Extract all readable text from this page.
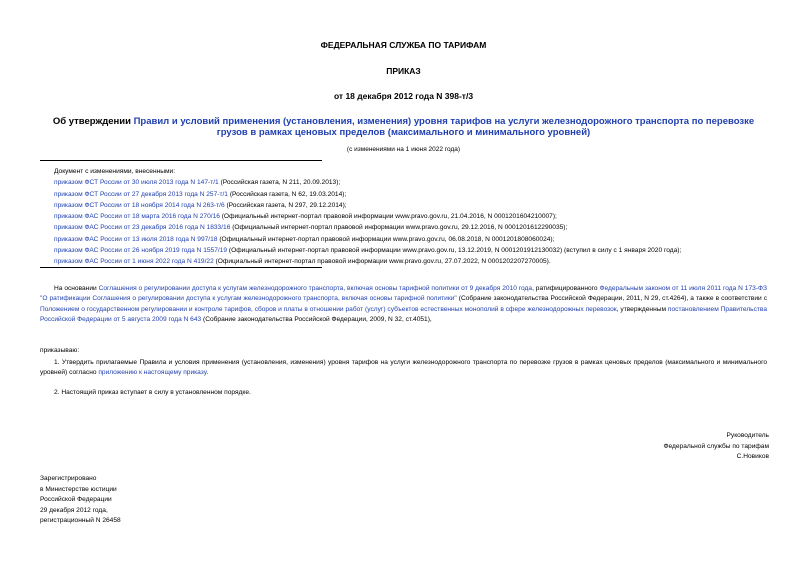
ФЕДЕРАЛЬНАЯ СЛУЖБА ПО ТАРИФАМ
ПРИКАЗ
от 18 декабря 2012 года N 398-т/3
Об утверждении Правил и условий применения (установления, изменения) уровня тарифов на услуги железнодорожного транспорта по перевозке грузов в рамках ценовых пределов (максимального и минимального уровней)
(с изменениями на 1 июня 2022 года)
Документ с изменениями, внесенными:
приказом ФСТ России от 30 июля 2013 года N 147-т/1 (Российская газета, N 211, 20.09.2013);
приказом ФСТ России от 27 декабря 2013 года N 257-т/1 (Российская газета, N 62, 19.03.2014);
приказом ФСТ России от 18 ноября 2014 года N 263-т/6 (Российская газета, N 297, 29.12.2014);
приказом ФАС России от 18 марта 2016 года N 270/16 (Официальный интернет-портал правовой информации www.pravo.gov.ru, 21.04.2016, N 0001201604210007);
приказом ФАС России от 23 декабря 2016 года N 1833/16 (Официальный интернет-портал правовой информации www.pravo.gov.ru, 29.12.2016, N 0001201612290035);
приказом ФАС России от 13 июля 2018 года N 997/18 (Официальный интернет-портал правовой информации www.pravo.gov.ru, 06.08.2018, N 0001201808060024);
приказом ФАС России от 26 ноября 2019 года N 1557/19 (Официальный интернет-портал правовой информации www.pravo.gov.ru, 13.12.2019, N 0001201912130032) (вступил в силу с 1 января 2020 года);
приказом ФАС России от 1 июня 2022 года N 419/22 (Официальный интернет-портал правовой информации www.pravo.gov.ru, 27.07.2022, N 0001202207270005).
На основании Соглашения о регулировании доступа к услугам железнодорожного транспорта, включая основы тарифной политики от 9 декабря 2010 года, ратифицированного Федеральным законом от 11 июля 2011 года N 173-ФЗ "О ратификации Соглашения о регулировании доступа к услугам железнодорожного транспорта, включая основы тарифной политики" (Собрание законодательства Российской Федерации, 2011, N 29, ст.4264), а также в соответствии с Положением о государственном регулировании и контроле тарифов, сборов и платы в отношении работ (услуг) субъектов естественных монополий в сфере железнодорожных перевозок, утвержденным постановлением Правительства Российской Федерации от 5 августа 2009 года N 643 (Собрание законодательства Российской Федерации, 2009, N 32, ст.4051),
приказываю:
1. Утвердить прилагаемые Правила и условия применения (установления, изменения) уровня тарифов на услуги железнодорожного транспорта по перевозке грузов в рамках ценовых пределов (максимального и минимального уровней) согласно приложению к настоящему приказу.
2. Настоящий приказ вступает в силу в установленном порядке.
Руководитель
Федеральной службы по тарифам
С.Новиков
Зарегистрировано
в Министерстве юстиции
Российской Федерации
29 декабря 2012 года,
регистрационный N 26458
